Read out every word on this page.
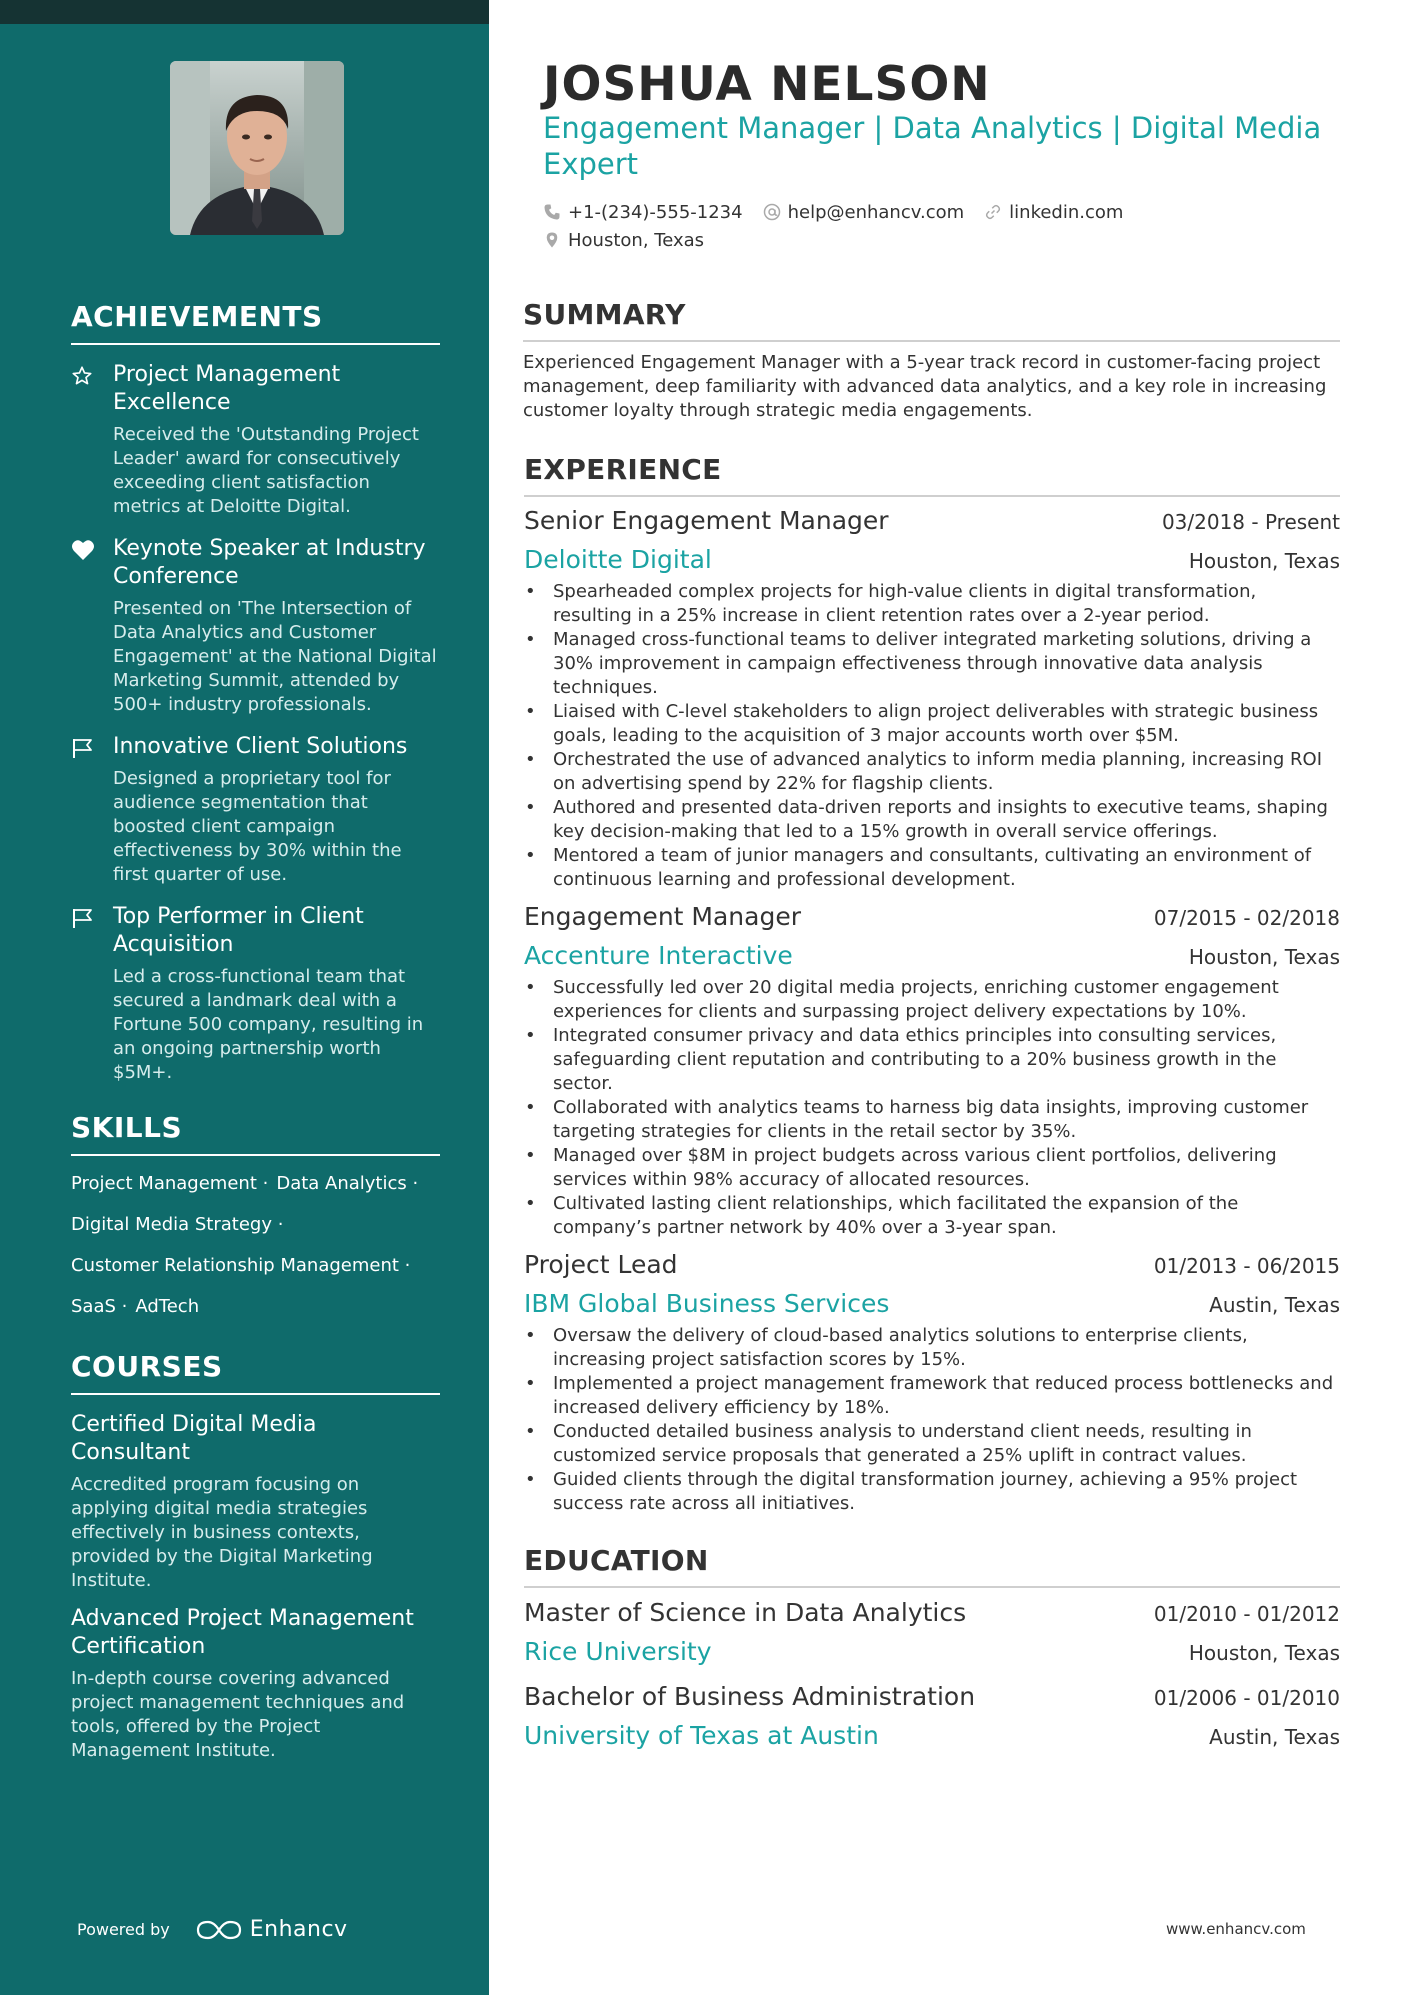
ACHIEVEMENTS
Project Management Excellence
Received the 'Outstanding Project Leader' award for consecutively exceeding client satisfaction metrics at Deloitte Digital.
Keynote Speaker at Industry Conference
Presented on 'The Intersection of Data Analytics and Customer Engagement' at the National Digital Marketing Summit, attended by 500+ industry professionals.
Innovative Client Solutions
Designed a proprietary tool for audience segmentation that boosted client campaign effectiveness by 30% within the first quarter of use.
Top Performer in Client Acquisition
Led a cross-functional team that secured a landmark deal with a Fortune 500 company, resulting in an ongoing partnership worth $5M+.
SKILLS
Project Management · Data Analytics ·
Digital Media Strategy ·
Customer Relationship Management ·
SaaS · AdTech
COURSES
Certified Digital Media Consultant
Accredited program focusing on applying digital media strategies effectively in business contexts, provided by the Digital Marketing Institute.
Advanced Project Management Certification
In-depth course covering advanced project management techniques and tools, offered by the Project Management Institute.
Powered by	Enhancv
JOSHUA NELSON
Engagement Manager | Data Analytics | Digital Media Expert
+1-(234)-555-1234	help@enhancv.com	linkedin.com
Houston, Texas
SUMMARY

Experienced Engagement Manager with a 5-year track record in customer-facing project management, deep familiarity with advanced data analytics, and a key role in increasing customer loyalty through strategic media engagements.

EXPERIENCE
Senior Engagement Manager	03/2018 - Present
Deloitte Digital	Houston, Texas
• Spearheaded complex projects for high-value clients in digital transformation, resulting in a 25% increase in client retention rates over a 2-year period.
• Managed cross-functional teams to deliver integrated marketing solutions, driving a 30% improvement in campaign effectiveness through innovative data analysis techniques.
• Liaised with C-level stakeholders to align project deliverables with strategic business goals, leading to the acquisition of 3 major accounts worth over $5M.
• Orchestrated the use of advanced analytics to inform media planning, increasing ROI on advertising spend by 22% for flagship clients.
• Authored and presented data-driven reports and insights to executive teams, shaping key decision-making that led to a 15% growth in overall service offerings.
• Mentored a team of junior managers and consultants, cultivating an environment of continuous learning and professional development.
Engagement Manager	07/2015 - 02/2018
Accenture Interactive	Houston, Texas
• Successfully led over 20 digital media projects, enriching customer engagement experiences for clients and surpassing project delivery expectations by 10%.
• Integrated consumer privacy and data ethics principles into consulting services, safeguarding client reputation and contributing to a 20% business growth in the sector.
• Collaborated with analytics teams to harness big data insights, improving customer targeting strategies for clients in the retail sector by 35%.
• Managed over $8M in project budgets across various client portfolios, delivering services within 98% accuracy of allocated resources.
• Cultivated lasting client relationships, which facilitated the expansion of the company’s partner network by 40% over a 3-year span.
Project Lead	01/2013 - 06/2015
IBM Global Business Services	Austin, Texas
• Oversaw the delivery of cloud-based analytics solutions to enterprise clients, increasing project satisfaction scores by 15%.
• Implemented a project management framework that reduced process bottlenecks and increased delivery efficiency by 18%.
• Conducted detailed business analysis to understand client needs, resulting in customized service proposals that generated a 25% uplift in contract values.
• Guided clients through the digital transformation journey, achieving a 95% project success rate across all initiatives.
EDUCATION
Master of Science in Data Analytics	01/2010 - 01/2012
Rice University	Houston, Texas
Bachelor of Business Administration	01/2006 - 01/2010
University of Texas at Austin	Austin, Texas
www.enhancv.com
